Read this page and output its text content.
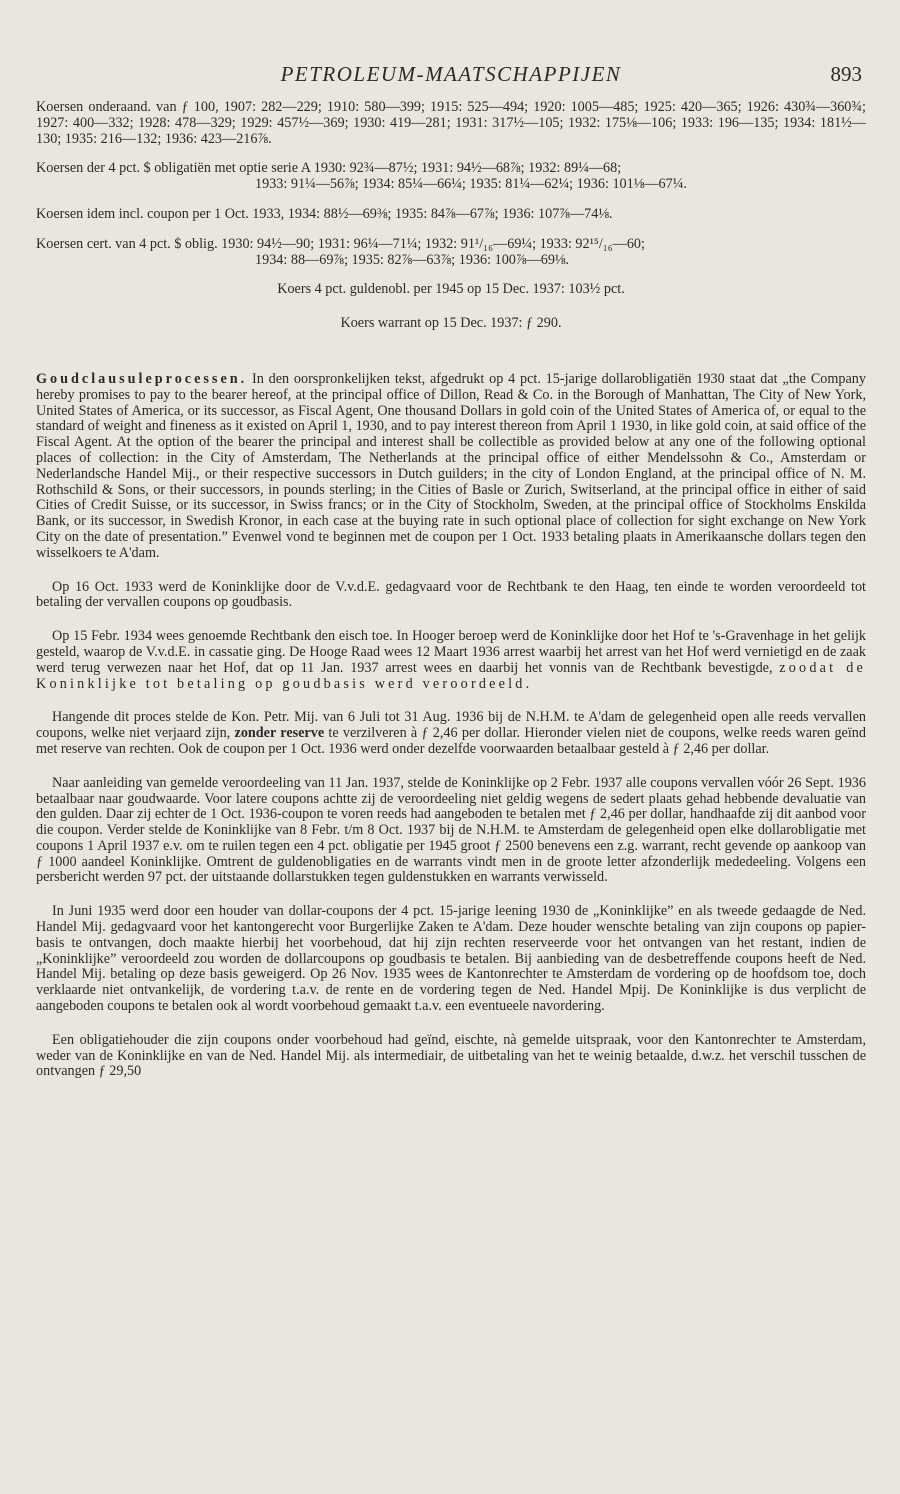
PETROLEUM-MAATSCHAPPIJEN	893
Koersen onderaand. van ƒ 100, 1907: 282—229; 1910: 580—399; 1915: 525—494; 1920: 1005—485; 1925: 420—365; 1926: 430¾—360¾; 1927: 400—332; 1928: 478—329; 1929: 457½—369; 1930: 419—281; 1931: 317½—105; 1932: 175⅛—106; 1933: 196—135; 1934: 181½—130; 1935: 216—132; 1936: 423—216⅞.
Koersen der 4 pct. $ obligatiën met optie serie A 1930: 92¾—87½; 1931: 94½—68⅞; 1932: 89¼—68;
1933: 91¼—56⅞; 1934: 85¼—66¼; 1935: 81¼—62¼; 1936: 101⅛—67¼.
Koersen idem incl. coupon per 1 Oct. 1933, 1934: 88½—69⅜; 1935: 84⅞—67⅞; 1936: 107⅞—74⅛.
Koersen cert. van 4 pct. $ oblig. 1930: 94½—90; 1931: 96¼—71¼; 1932: 91¹/₁₆—69¼; 1933: 92¹⁵/₁₆—60;
1934: 88—69⅞; 1935: 82⅞—63⅞; 1936: 100⅞—69⅛.
Koers 4 pct. guldenobl. per 1945 op 15 Dec. 1937: 103½ pct.
Koers warrant op 15 Dec. 1937: ƒ 290.
Goudclausuleprocessen. In den oorspronkelijken tekst, afgedrukt op 4 pct. 15-jarige dollarobligatiën 1930 staat dat „the Company hereby promises to pay to the bearer hereof, at the principal office of Dillon, Read & Co. in the Borough of Manhattan, The City of New York, United States of America, or its successor, as Fiscal Agent, One thousand Dollars in gold coin of the United States of America of, or equal to the standard of weight and fineness as it existed on April 1, 1930, and to pay interest thereon from April 1 1930, in like gold coin, at said office of the Fiscal Agent. At the option of the bearer the principal and interest shall be collectible as provided below at any one of the following optional places of collection: in the City of Amsterdam, The Netherlands at the principal office of either Mendelssohn & Co., Amsterdam or Nederlandsche Handel Mij., or their respective successors in Dutch guilders; in the city of London England, at the principal office of N. M. Rothschild & Sons, or their successors, in pounds sterling; in the Cities of Basle or Zurich, Switserland, at the principal office in either of said Cities of Credit Suisse, or its successor, in Swiss francs; or in the City of Stockholm, Sweden, at the principal office of Stockholms Enskilda Bank, or its successor, in Swedish Kronor, in each case at the buying rate in such optional place of collection for sight exchange on New York City on the date of presentation.” Evenwel vond te beginnen met de coupon per 1 Oct. 1933 betaling plaats in Amerikaansche dollars tegen den wisselkoers te A'dam.
Op 16 Oct. 1933 werd de Koninklijke door de V.v.d.E. gedagvaard voor de Rechtbank te den Haag, ten einde te worden veroordeeld tot betaling der vervallen coupons op goudbasis.
Op 15 Febr. 1934 wees genoemde Rechtbank den eisch toe. In Hooger beroep werd de Koninklijke door het Hof te 's-Gravenhage in het gelijk gesteld, waarop de V.v.d.E. in cassatie ging. De Hooge Raad wees 12 Maart 1936 arrest waarbij het arrest van het Hof werd vernietigd en de zaak werd terug verwezen naar het Hof, dat op 11 Jan. 1937 arrest wees en daarbij het vonnis van de Rechtbank bevestigde, zoodat de Koninklijke tot betaling op goudbasis werd veroordeeld.
Hangende dit proces stelde de Kon. Petr. Mij. van 6 Juli tot 31 Aug. 1936 bij de N.H.M. te A'dam de gelegenheid open alle reeds vervallen coupons, welke niet verjaard zijn, zonder reserve te verzilveren à ƒ 2,46 per dollar. Hieronder vielen niet de coupons, welke reeds waren geïnd met reserve van rechten. Ook de coupon per 1 Oct. 1936 werd onder dezelfde voorwaarden betaalbaar gesteld à ƒ 2,46 per dollar.
Naar aanleiding van gemelde veroordeeling van 11 Jan. 1937, stelde de Koninklijke op 2 Febr. 1937 alle coupons vervallen vóór 26 Sept. 1936 betaalbaar naar goudwaarde. Voor latere coupons achtte zij de veroordeeling niet geldig wegens de sedert plaats gehad hebbende devaluatie van den gulden. Daar zij echter de 1 Oct. 1936-coupon te voren reeds had aangeboden te betalen met ƒ 2,46 per dollar, handhaafde zij dit aanbod voor die coupon. Verder stelde de Koninklijke van 8 Febr. t/m 8 Oct. 1937 bij de N.H.M. te Amsterdam de gelegenheid open elke dollarobligatie met coupons 1 April 1937 e.v. om te ruilen tegen een 4 pct. obligatie per 1945 groot ƒ 2500 benevens een z.g. warrant, recht gevende op aankoop van ƒ 1000 aandeel Koninklijke. Omtrent de guldenobligaties en de warrants vindt men in de groote letter afzonderlijk mededeeling. Volgens een persbericht werden 97 pct. der uitstaande dollarstukken tegen guldenstukken en warrants verwisseld.
In Juni 1935 werd door een houder van dollar-coupons der 4 pct. 15-jarige leening 1930 de „Koninklijke” en als tweede gedaagde de Ned. Handel Mij. gedagvaard voor het kantongerecht voor Burgerlijke Zaken te A'dam. Deze houder wenschte betaling van zijn coupons op papier-basis te ontvangen, doch maakte hierbij het voorbehoud, dat hij zijn rechten reserveerde voor het ontvangen van het restant, indien de „Koninklijke” veroordeeld zou worden de dollarcoupons op goudbasis te betalen. Bij aanbieding van de desbetreffende coupons heeft de Ned. Handel Mij. betaling op deze basis geweigerd. Op 26 Nov. 1935 wees de Kantonrechter te Amsterdam de vordering op de hoofdsom toe, doch verklaarde niet ontvankelijk, de vordering t.a.v. de rente en de vordering tegen de Ned. Handel Mpij. De Koninklijke is dus verplicht de aangeboden coupons te betalen ook al wordt voorbehoud gemaakt t.a.v. een eventueele navordering.
Een obligatiehouder die zijn coupons onder voorbehoud had geïnd, eischte, nà gemelde uitspraak, voor den Kantonrechter te Amsterdam, weder van de Koninklijke en van de Ned. Handel Mij. als intermediair, de uitbetaling van het te weinig betaalde, d.w.z. het verschil tusschen de ontvangen ƒ 29,50
